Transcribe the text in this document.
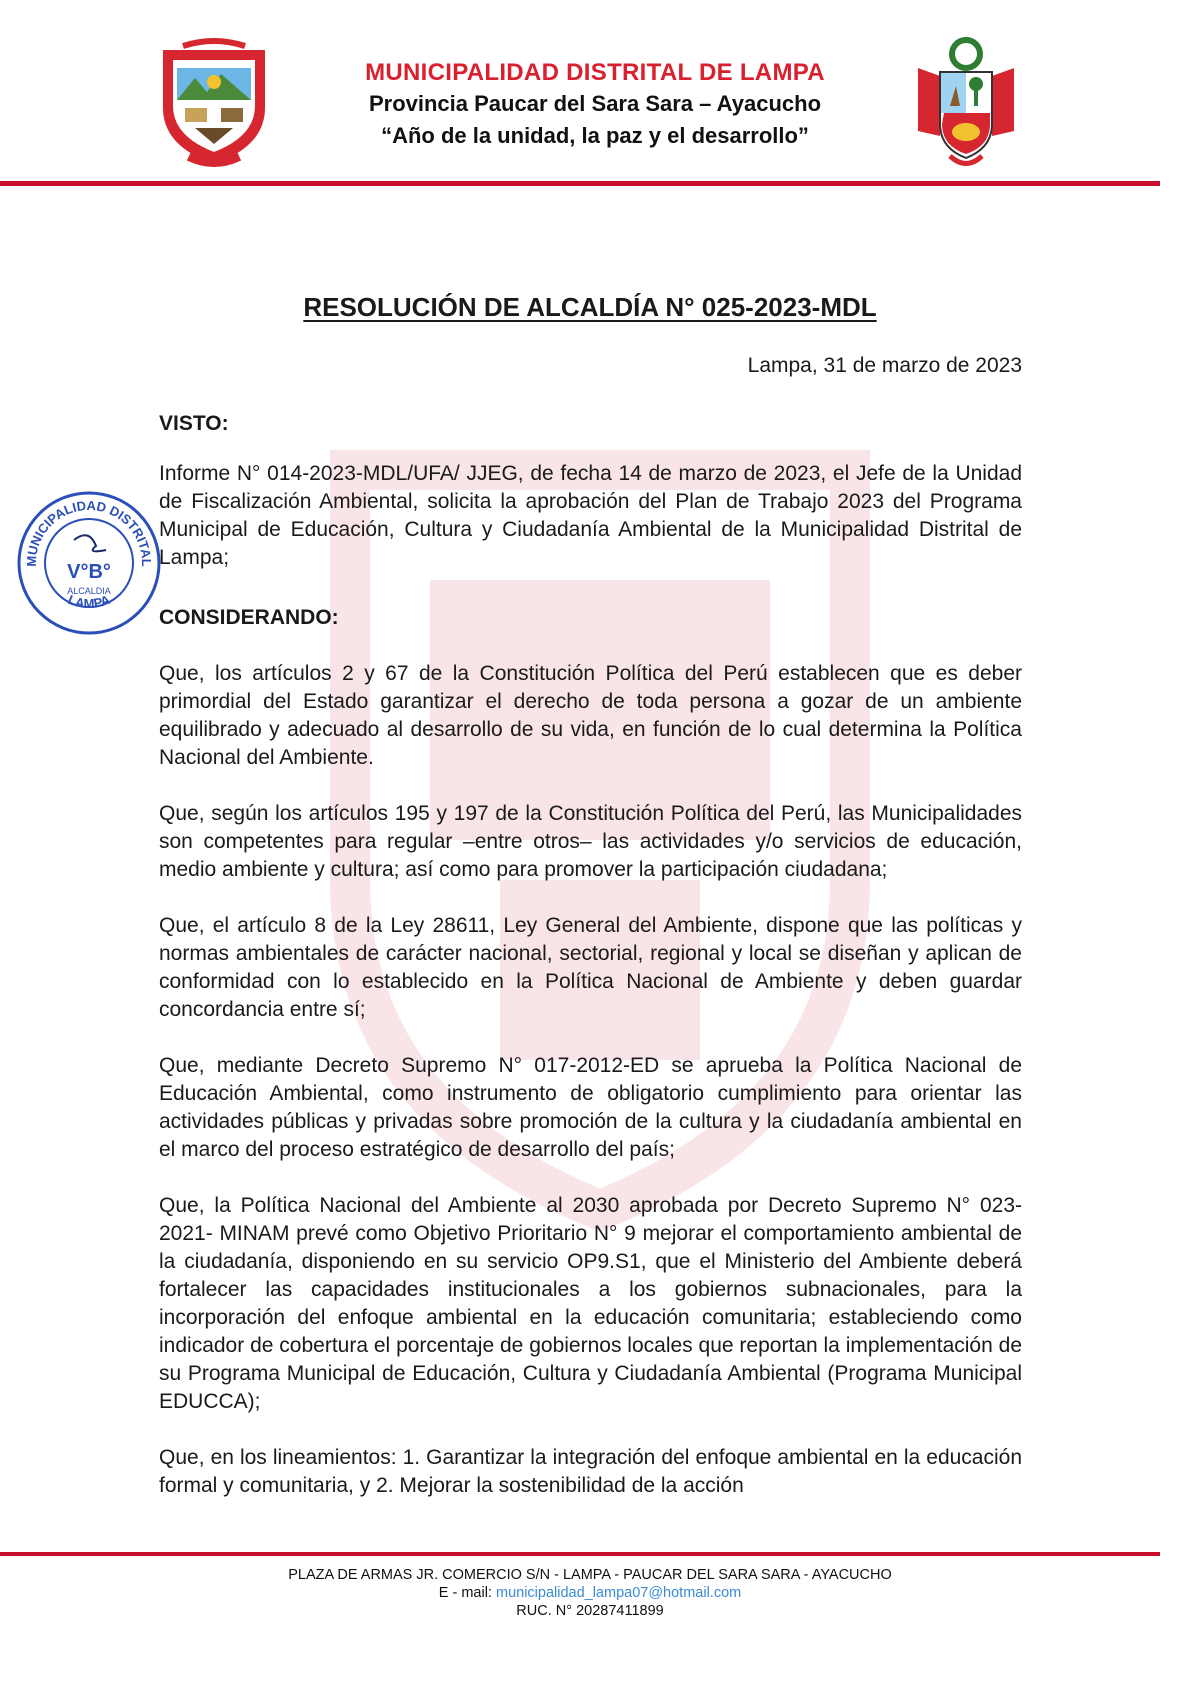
MUNICIPALIDAD DISTRITAL DE LAMPA
Provincia Paucar del Sara Sara – Ayacucho
“Año de la unidad, la paz y el desarrollo”
RESOLUCIÓN DE ALCALDÍA N° 025-2023-MDL
Lampa, 31 de marzo de 2023

VISTO:

Informe N° 014-2023-MDL/UFA/ JJEG, de fecha 14 de marzo de 2023, el Jefe de la Unidad de Fiscalización Ambiental, solicita la aprobación del Plan de Trabajo 2023 del Programa Municipal de Educación, Cultura y Ciudadanía Ambiental de la Municipalidad Distrital de Lampa;

CONSIDERANDO:

Que, los artículos 2 y 67 de la Constitución Política del Perú establecen que es deber primordial del Estado garantizar el derecho de toda persona a gozar de un ambiente equilibrado y adecuado al desarrollo de su vida, en función de lo cual determina la Política Nacional del Ambiente.

Que, según los artículos 195 y 197 de la Constitución Política del Perú, las Municipalidades son competentes para regular –entre otros– las actividades y/o servicios de educación, medio ambiente y cultura; así como para promover la participación ciudadana;

Que, el artículo 8 de la Ley 28611, Ley General del Ambiente, dispone que las políticas y normas ambientales de carácter nacional, sectorial, regional y local se diseñan y aplican de conformidad con lo establecido en la Política Nacional de Ambiente y deben guardar concordancia entre sí;

Que, mediante Decreto Supremo N° 017-2012-ED se aprueba la Política Nacional de Educación Ambiental, como instrumento de obligatorio cumplimiento para orientar las actividades públicas y privadas sobre promoción de la cultura y la ciudadanía ambiental en el marco del proceso estratégico de desarrollo del país;

Que, la Política Nacional del Ambiente al 2030 aprobada por Decreto Supremo N° 023-2021- MINAM prevé como Objetivo Prioritario N° 9 mejorar el comportamiento ambiental de la ciudadanía, disponiendo en su servicio OP9.S1, que el Ministerio del Ambiente deberá fortalecer las capacidades institucionales a los gobiernos subnacionales, para la incorporación del enfoque ambiental en la educación comunitaria; estableciendo como indicador de cobertura el porcentaje de gobiernos locales que reportan la implementación de su Programa Municipal de Educación, Cultura y Ciudadanía Ambiental (Programa Municipal EDUCCA);

Que, en los lineamientos: 1. Garantizar la integración del enfoque ambiental en la educación formal y comunitaria, y 2. Mejorar la sostenibilidad de la acción

MUNICIPALIDAD DISTRITAL
LAMPA
V°B°
ALCALDIA
PLAZA DE ARMAS JR. COMERCIO S/N - LAMPA - PAUCAR DEL SARA SARA - AYACUCHO
E - mail: municipalidad_lampa07@hotmail.com
RUC. N° 20287411899
